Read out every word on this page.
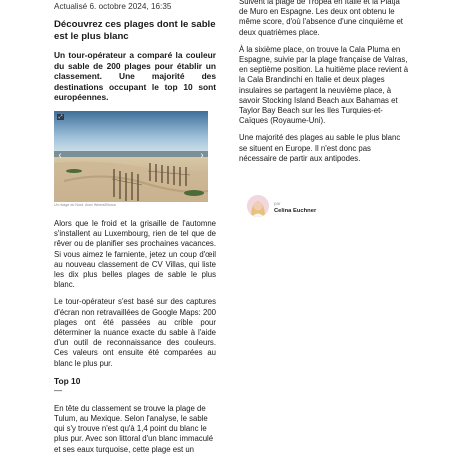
Actualisé 6. octobre 2024, 16:35
Découvrez ces plages dont le sable est le plus blanc
Un tour-opérateur a comparé la couleur du sable de 200 plages pour établir un classement. Une majorité des destinations occupant le top 10 sont européennes.
⤢
‹	›
Un rivage du Nord. Avec Weera/Bhuva

Alors que le froid et la grisaille de l'automne s'installent au Luxembourg, rien de tel que de rêver ou de planifier ses prochaines vacances. Si vous aimez le farniente, jetez un coup d'œil au nouveau classement de CV Villas, qui liste les dix plus belles plages de sable le plus blanc.

Le tour-opérateur s'est basé sur des captures d'écran non retravaillées de Google Maps: 200 plages ont été passées au crible pour déterminer la nuance exacte du sable à l'aide d'un outil de reconnaissance des couleurs. Ces valeurs ont ensuite été comparées au blanc le plus pur.

Top 10
—

En tête du classement se trouve la plage de Tulum, au Mexique. Selon l'analyse, le sable qui s'y trouve n'est qu'à 1,4 point du blanc le plus pur. Avec son littoral d'un blanc immaculé et ses eaux turquoise, cette plage est un

Suivent la plage de Tropea en Italie et la Platja de Muro en Espagne. Les deux ont obtenu le même score, d'où l'absence d'une cinquième et deux quatrièmes place.

À la sixième place, on trouve la Cala Pluma en Espagne, suivie par la plage française de Valras, en septième position. La huitième place revient à la Cala Brandinchi en Italie et deux plages insulaires se partagent la neuvième place, à savoir Stocking Island Beach aux Bahamas et Taylor Bay Beach sur les Iles Turquies-et-Caïques (Royaume-Uni).

Une majorité des plages au sable le plus blanc se situent en Europe. Il n'est donc pas nécessaire de partir aux antipodes.

par
Celina Euchner
